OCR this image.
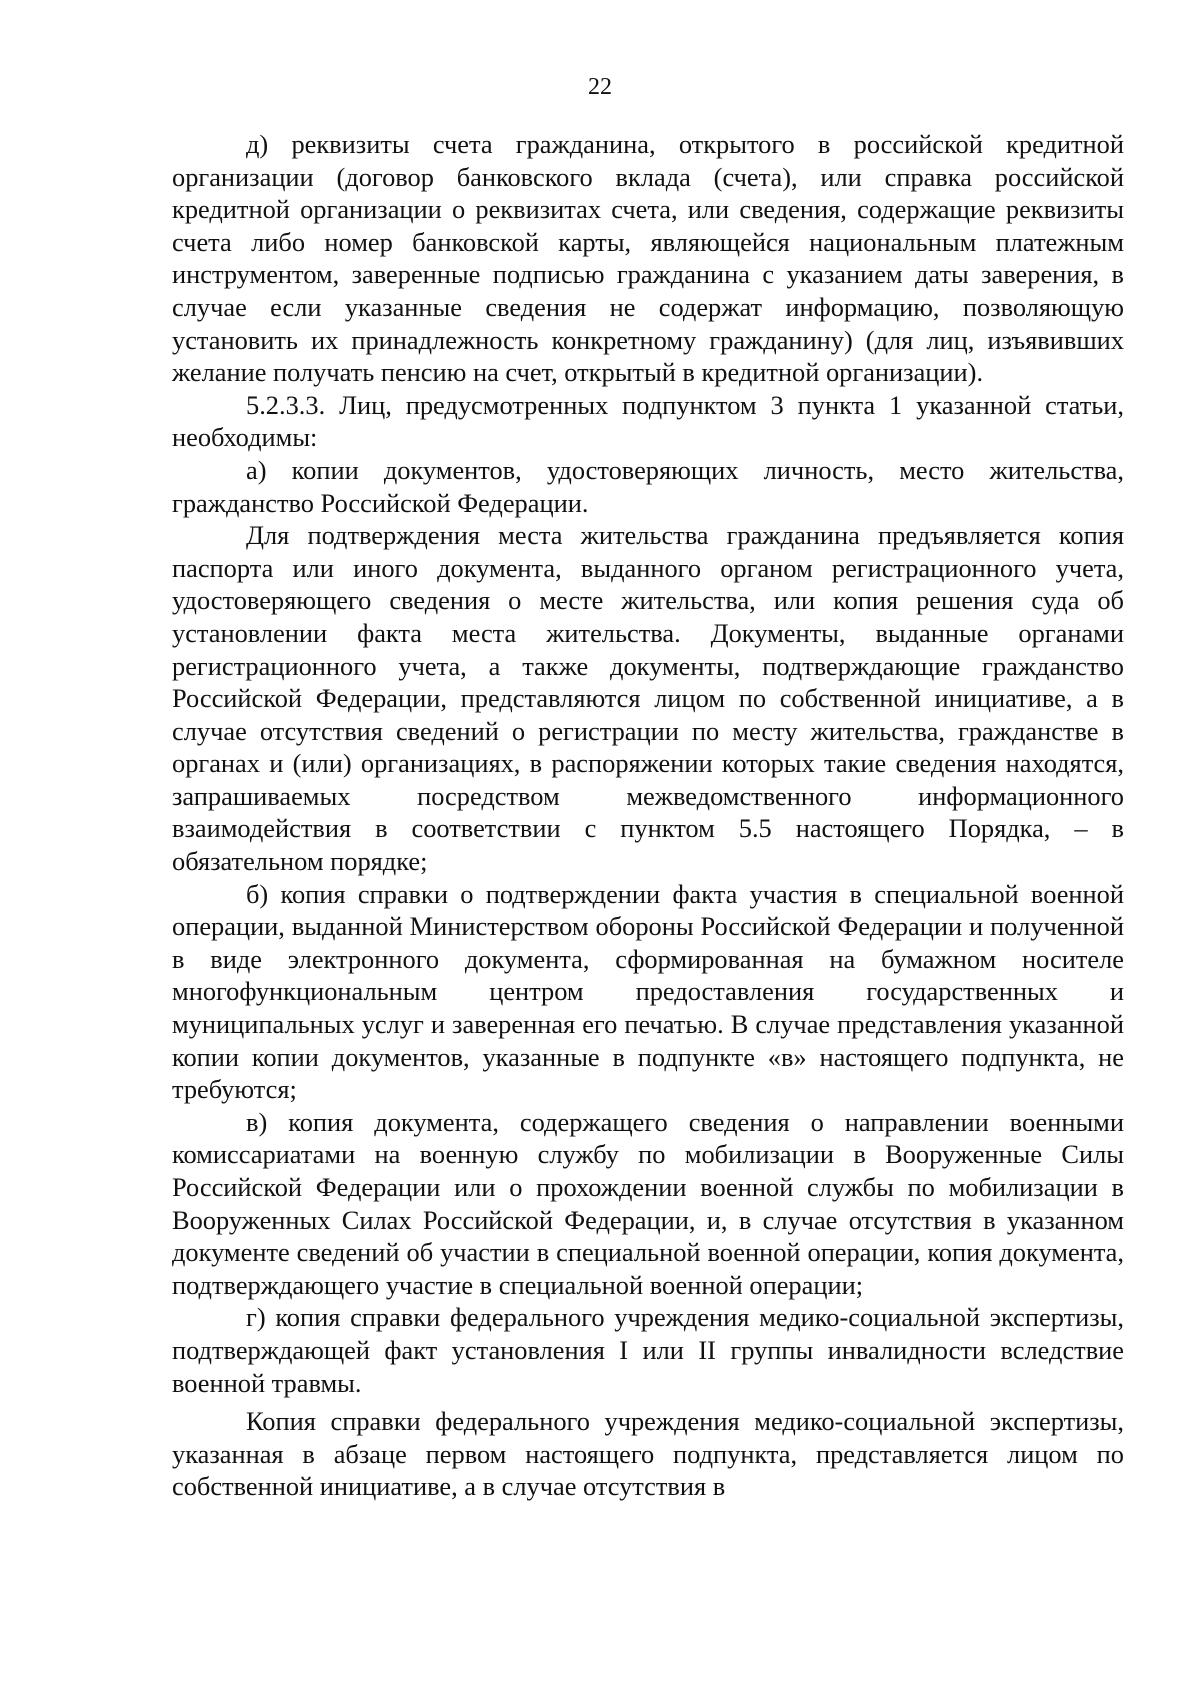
22

д) реквизиты счета гражданина, открытого в российской кредитной организации (договор банковского вклада (счета), или справка российской кредитной организации о реквизитах счета, или сведения, содержащие реквизиты счета либо номер банковской карты, являющейся национальным платежным инструментом, заверенные подписью гражданина с указанием даты заверения, в случае если указанные сведения не содержат информацию, позволяющую установить их принадлежность конкретному гражданину) (для лиц, изъявивших желание получать пенсию на счет, открытый в кредитной организации).

5.2.3.3. Лиц, предусмотренных подпунктом 3 пункта 1 указанной статьи, необходимы:

а) копии документов, удостоверяющих личность, место жительства, гражданство Российской Федерации.

Для подтверждения места жительства гражданина предъявляется копия паспорта или иного документа, выданного органом регистрационного учета, удостоверяющего сведения о месте жительства, или копия решения суда об установлении факта места жительства. Документы, выданные органами регистрационного учета, а также документы, подтверждающие гражданство Российской Федерации, представляются лицом по собственной инициативе, а в случае отсутствия сведений о регистрации по месту жительства, гражданстве в органах и (или) организациях, в распоряжении которых такие сведения находятся, запрашиваемых посредством межведомственного информационного взаимодействия в соответствии с пунктом 5.5 настоящего Порядка, – в обязательном порядке;

б) копия справки о подтверждении факта участия в специальной военной операции, выданной Министерством обороны Российской Федерации и полученной в виде электронного документа, сформированная на бумажном носителе многофункциональным центром предоставления государственных и муниципальных услуг и заверенная его печатью. В случае представления указанной копии копии документов, указанные в подпункте «в» настоящего подпункта, не требуются;

в) копия документа, содержащего сведения о направлении военными комиссариатами на военную службу по мобилизации в Вооруженные Силы Российской Федерации или о прохождении военной службы по мобилизации в Вооруженных Силах Российской Федерации, и, в случае отсутствия в указанном документе сведений об участии в специальной военной операции, копия документа, подтверждающего участие в специальной военной операции;

г) копия справки федерального учреждения медико-социальной экспертизы, подтверждающей факт установления I или II группы инвалидности вследствие военной травмы.

Копия справки федерального учреждения медико-социальной экспертизы, указанная в абзаце первом настоящего подпункта, представляется лицом по собственной инициативе, а в случае отсутствия в
